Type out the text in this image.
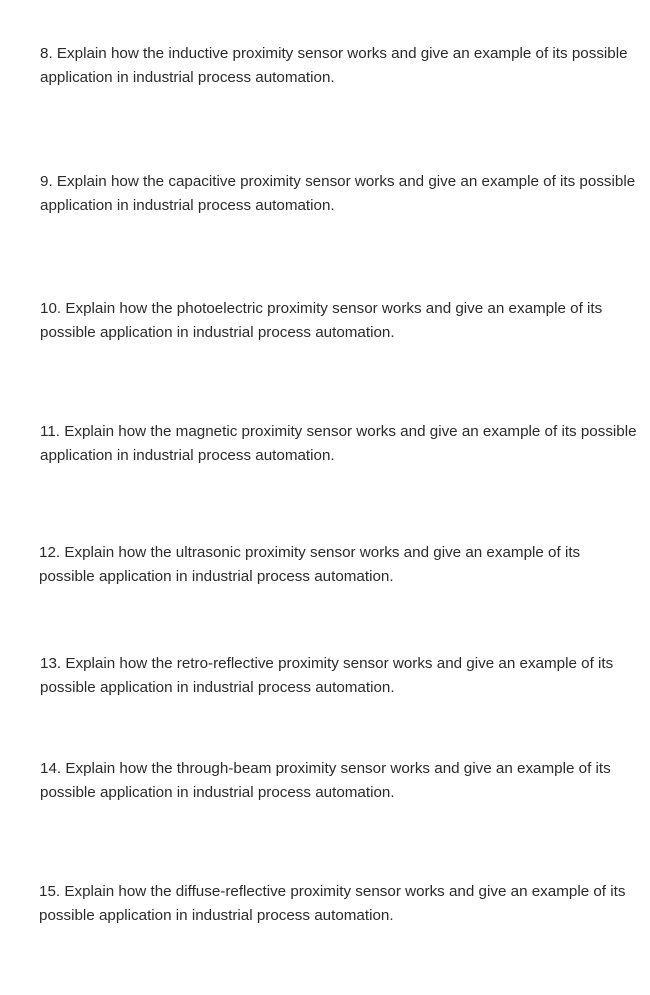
8. Explain how the inductive proximity sensor works and give an example of its possible application in industrial process automation.

9. Explain how the capacitive proximity sensor works and give an example of its possible application in industrial process automation.

10. Explain how the photoelectric proximity sensor works and give an example of its possible application in industrial process automation.

11. Explain how the magnetic proximity sensor works and give an example of its possible application in industrial process automation.

12. Explain how the ultrasonic proximity sensor works and give an example of its possible application in industrial process automation.

13. Explain how the retro-reflective proximity sensor works and give an example of its possible application in industrial process automation.

14. Explain how the through-beam proximity sensor works and give an example of its possible application in industrial process automation.

15. Explain how the diffuse-reflective proximity sensor works and give an example of its possible application in industrial process automation.
